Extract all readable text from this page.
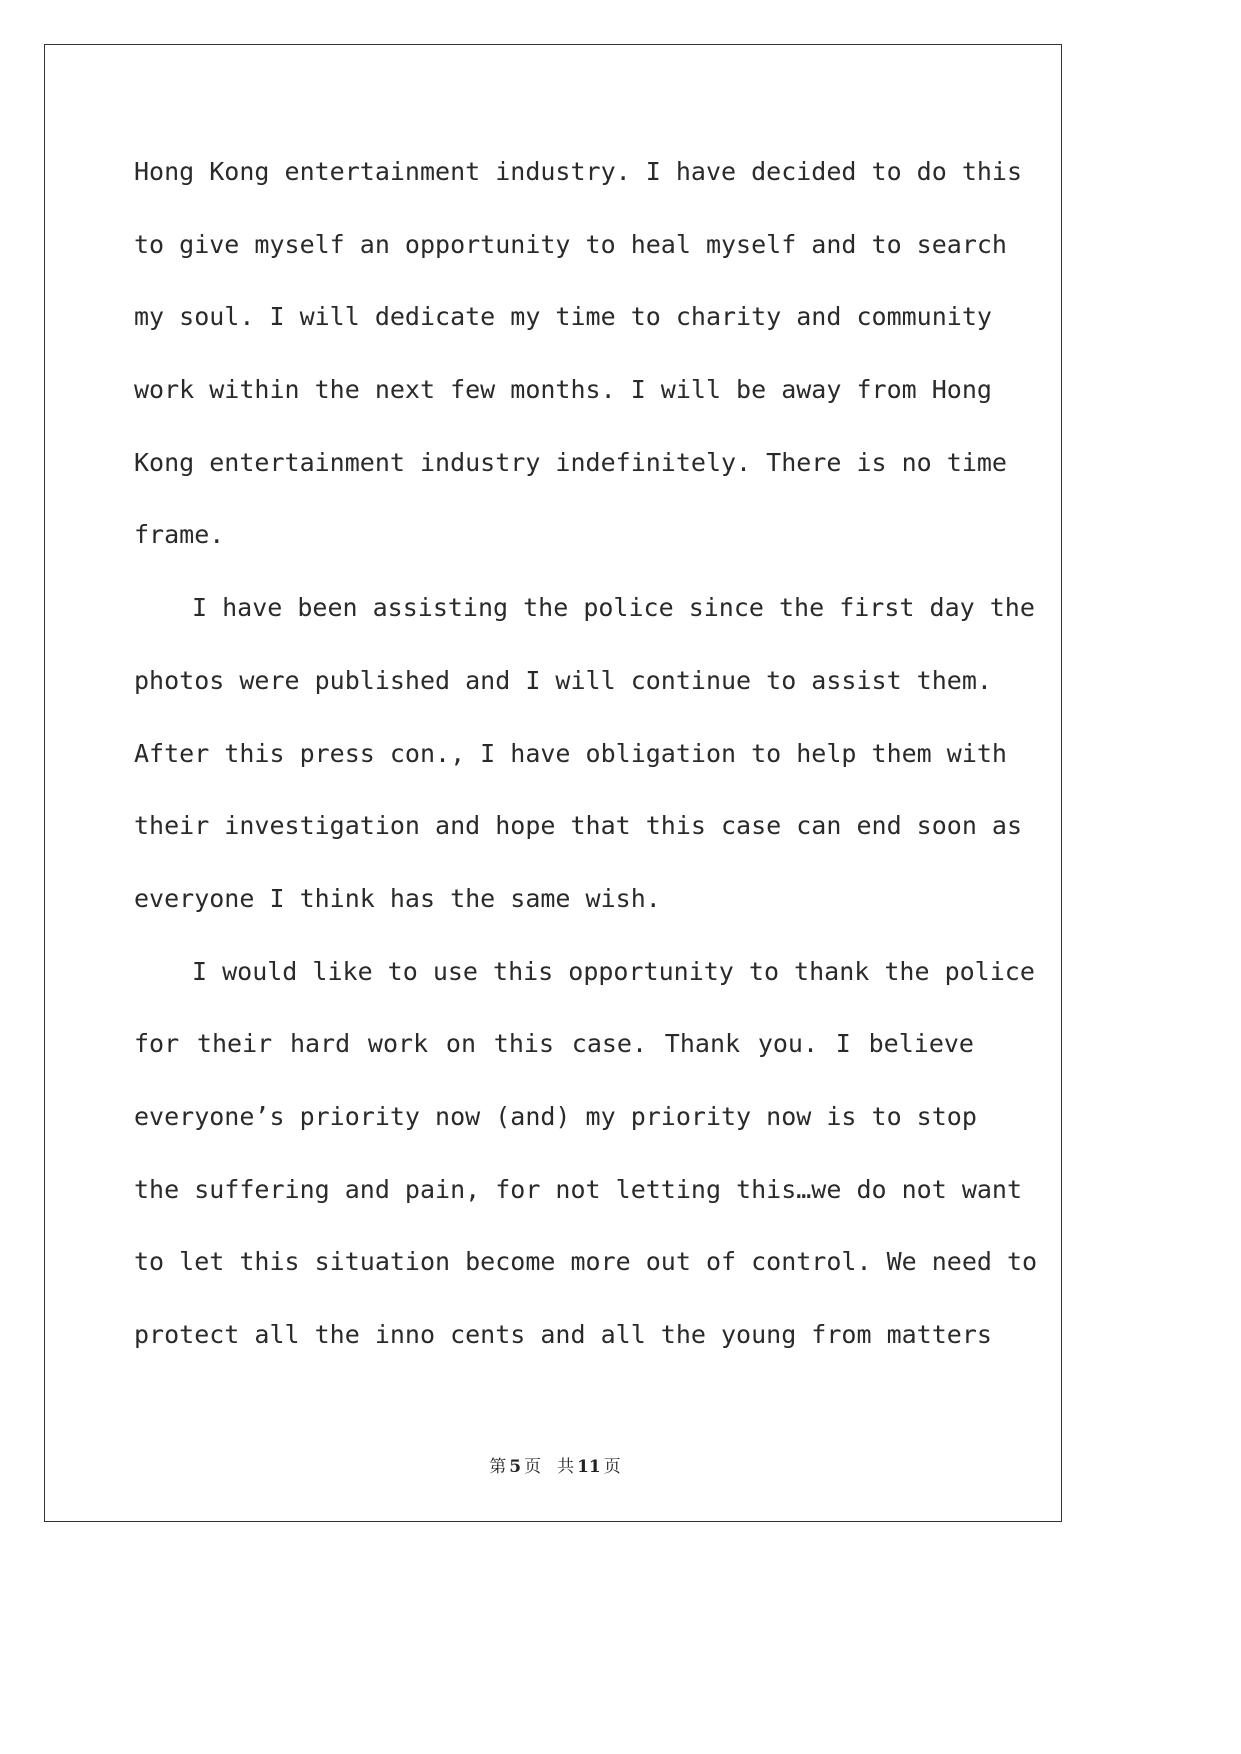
Hong Kong entertainment industry. I have decided to do this
to give myself an opportunity to heal myself and to search
my soul. I will dedicate my time to charity and community
work within the next few months. I will be away from Hong
Kong entertainment industry indefinitely. There is no time
frame.
I have been assisting the police since the first day the
photos were published and I will continue to assist them.
After this press con., I have obligation to help them with
their investigation and hope that this case can end soon as
everyone I think has the same wish.
I would like to use this opportunity to thank the police
for their hard work on this case. Thank you. I believe
everyone’s priority now (and) my priority now is to stop
the suffering and pain, for not letting this…we do not want
to let this situation become more out of control. We need to
protect all the inno cents and all the young from matters
第 5 页 共 11 页
